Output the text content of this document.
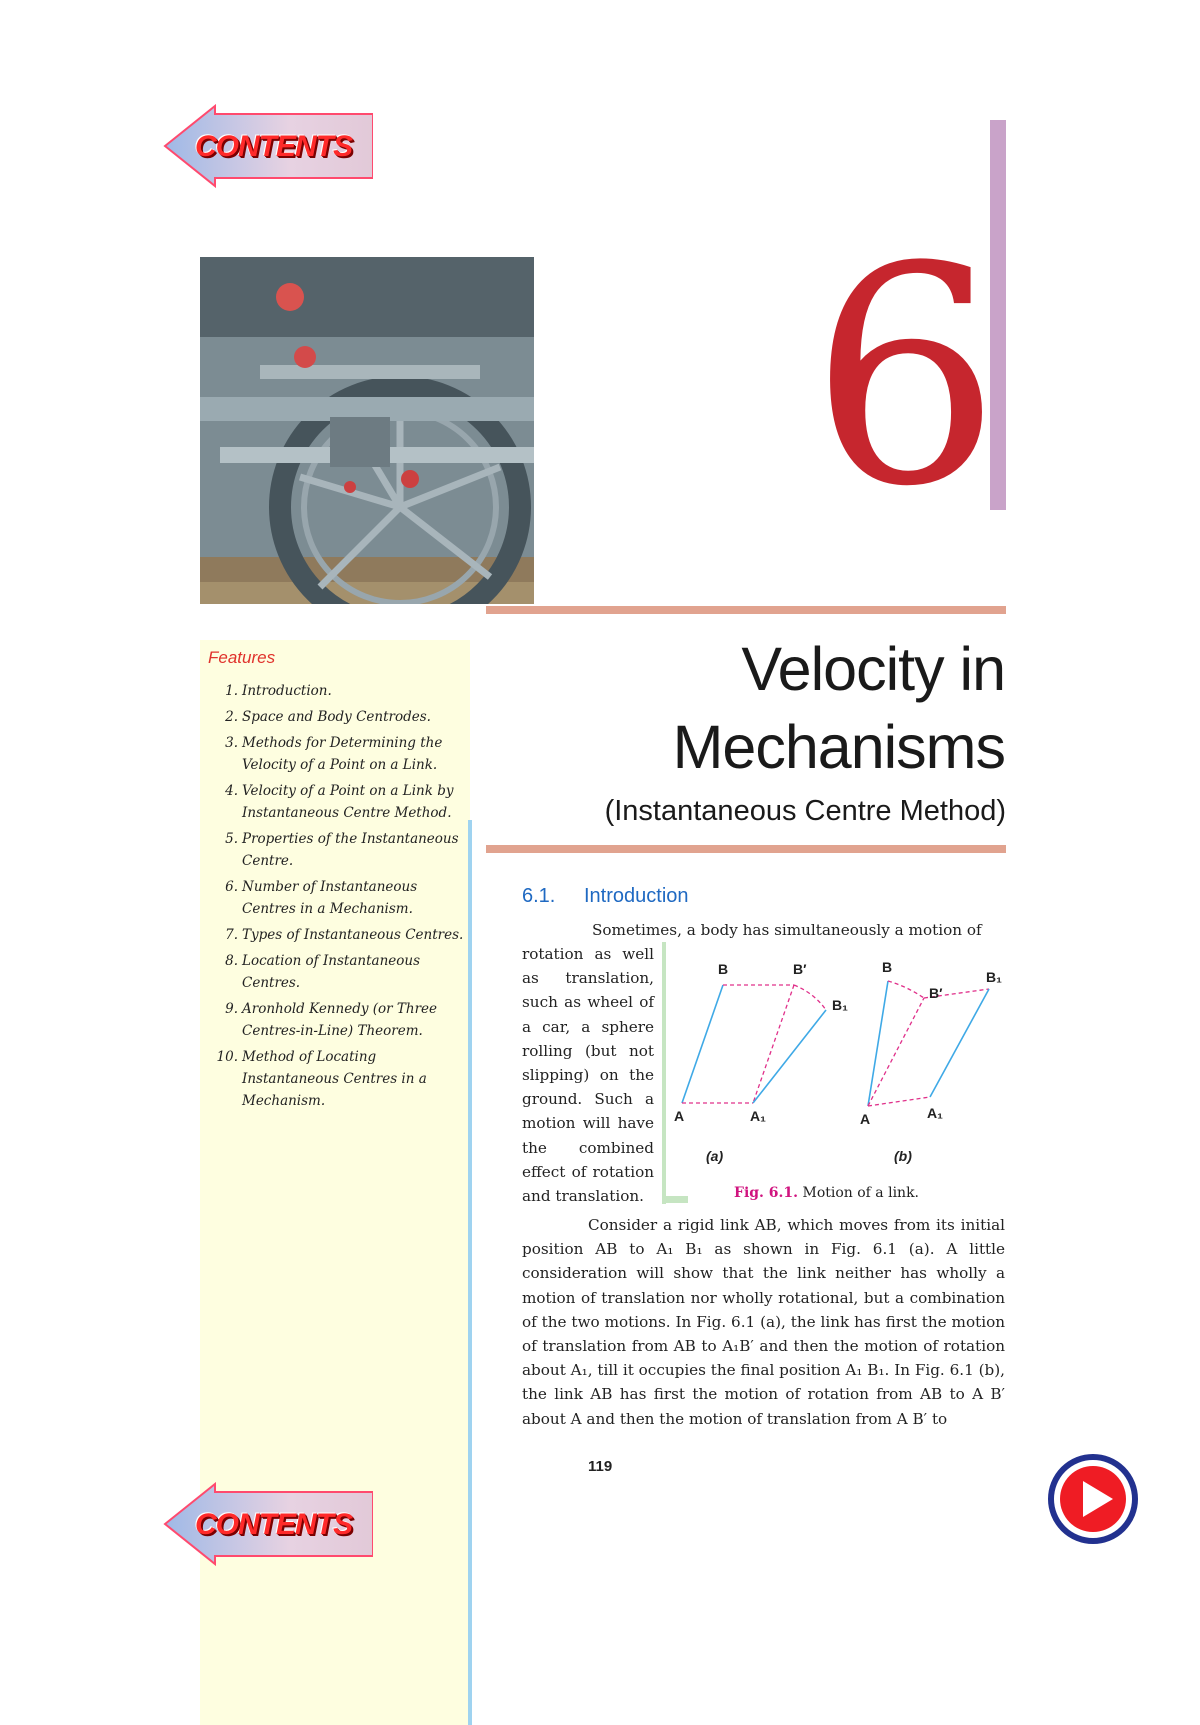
CONTENTS
6
Velocity in
Mechanisms
(Instantaneous Centre Method)
Features
1. Introduction.
2. Space and Body Centrodes.
3. Methods for Determining the Velocity of a Point on a Link.
4. Velocity of a Point on a Link by Instantaneous Centre Method.
5. Properties of the Instantaneous Centre.
6. Number of Instantaneous Centres in a Mechanism.
7. Types of Instantaneous Centres.
8. Location of Instantaneous Centres.
9. Aronhold Kennedy (or Three Centres-in-Line) Theorem.
10. Method of Locating Instantaneous Centres in a Mechanism.
6.1. Introduction
Sometimes, a body has simultaneously a motion of
rotation as well as translation, such as wheel of a car, a sphere rolling (but not slipping) on the ground. Such a motion will have the combined effect of rotation and translation.
B	B′
B₁
A	A₁
(a)
B
B′
B₁
A	A₁
(b)
Fig. 6.1. Motion of a link.

Consider a rigid link AB, which moves from its initial position AB to A₁ B₁ as shown in Fig. 6.1 (a). A little consideration will show that the link neither has wholly a motion of translation nor wholly rotational, but a combination of the two motions. In Fig. 6.1 (a), the link has first the motion of translation from AB to A₁B′ and then the motion of rotation about A₁, till it occupies the final position A₁ B₁. In Fig. 6.1 (b), the link AB has first the motion of rotation from AB to A B′ about A and then the motion of translation from A B′ to

119
CONTENTS
